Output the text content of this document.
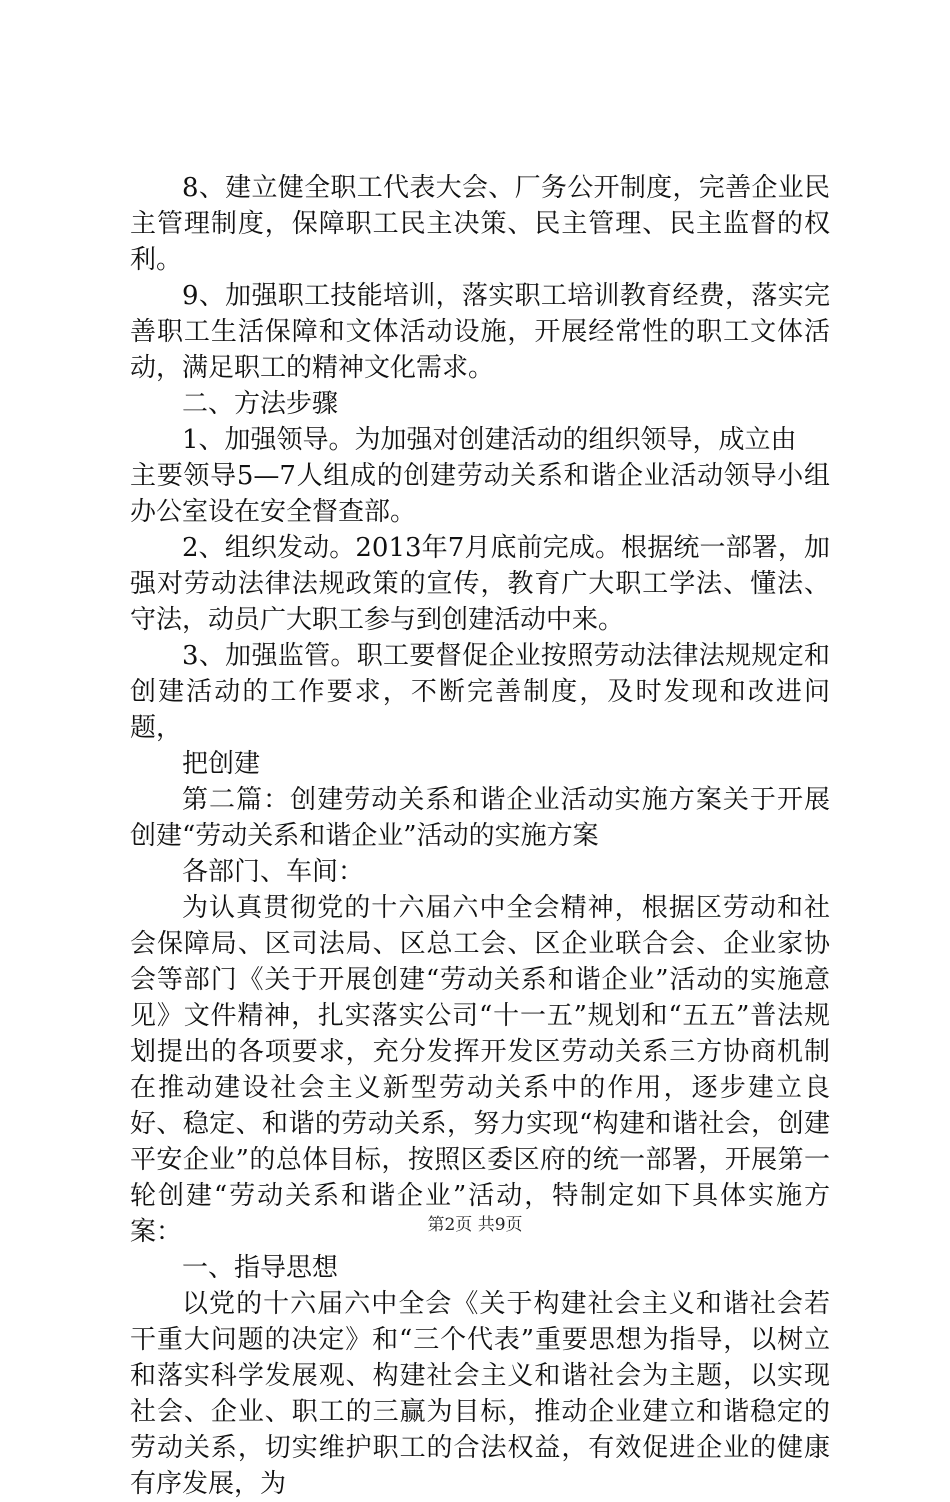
8、建立健全职工代表大会、厂务公开制度，完善企业民主管理制度，保障职工民主决策、民主管理、民主监督的权利。

9、加强职工技能培训，落实职工培训教育经费，落实完善职工生活保障和文体活动设施，开展经常性的职工文体活动，满足职工的精神文化需求。

二、方法步骤

1、加强领导。为加强对创建活动的组织领导，成立由

主要领导5—7人组成的创建劳动关系和谐企业活动领导小组办公室设在安全督查部。

2、组织发动。2013年7月底前完成。根据统一部署，加强对劳动法律法规政策的宣传，教育广大职工学法、懂法、守法，动员广大职工参与到创建活动中来。

3、加强监管。职工要督促企业按照劳动法律法规规定和创建活动的工作要求，不断完善制度，及时发现和改进问题，

把创建

第二篇：创建劳动关系和谐企业活动实施方案关于开展创建“劳动关系和谐企业”活动的实施方案

各部门、车间：

为认真贯彻党的十六届六中全会精神，根据区劳动和社会保障局、区司法局、区总工会、区企业联合会、企业家协会等部门《关于开展创建“劳动关系和谐企业”活动的实施意见》文件精神，扎实落实公司“十一五”规划和“五五”普法规划提出的各项要求，充分发挥开发区劳动关系三方协商机制在推动建设社会主义新型劳动关系中的作用，逐步建立良好、稳定、和谐的劳动关系，努力实现“构建和谐社会，创建平安企业”的总体目标，按照区委区府的统一部署，开展第一轮创建“劳动关系和谐企业”活动，特制定如下具体实施方案：

一、指导思想

以党的十六届六中全会《关于构建社会主义和谐社会若干重大问题的决定》和“三个代表”重要思想为指导，以树立和落实科学发展观、构建社会主义和谐社会为主题，以实现社会、企业、职工的三赢为目标，推动企业建立和谐稳定的劳动关系，切实维护职工的合法权益，有效促进企业的健康有序发展，为

第2页 共9页
